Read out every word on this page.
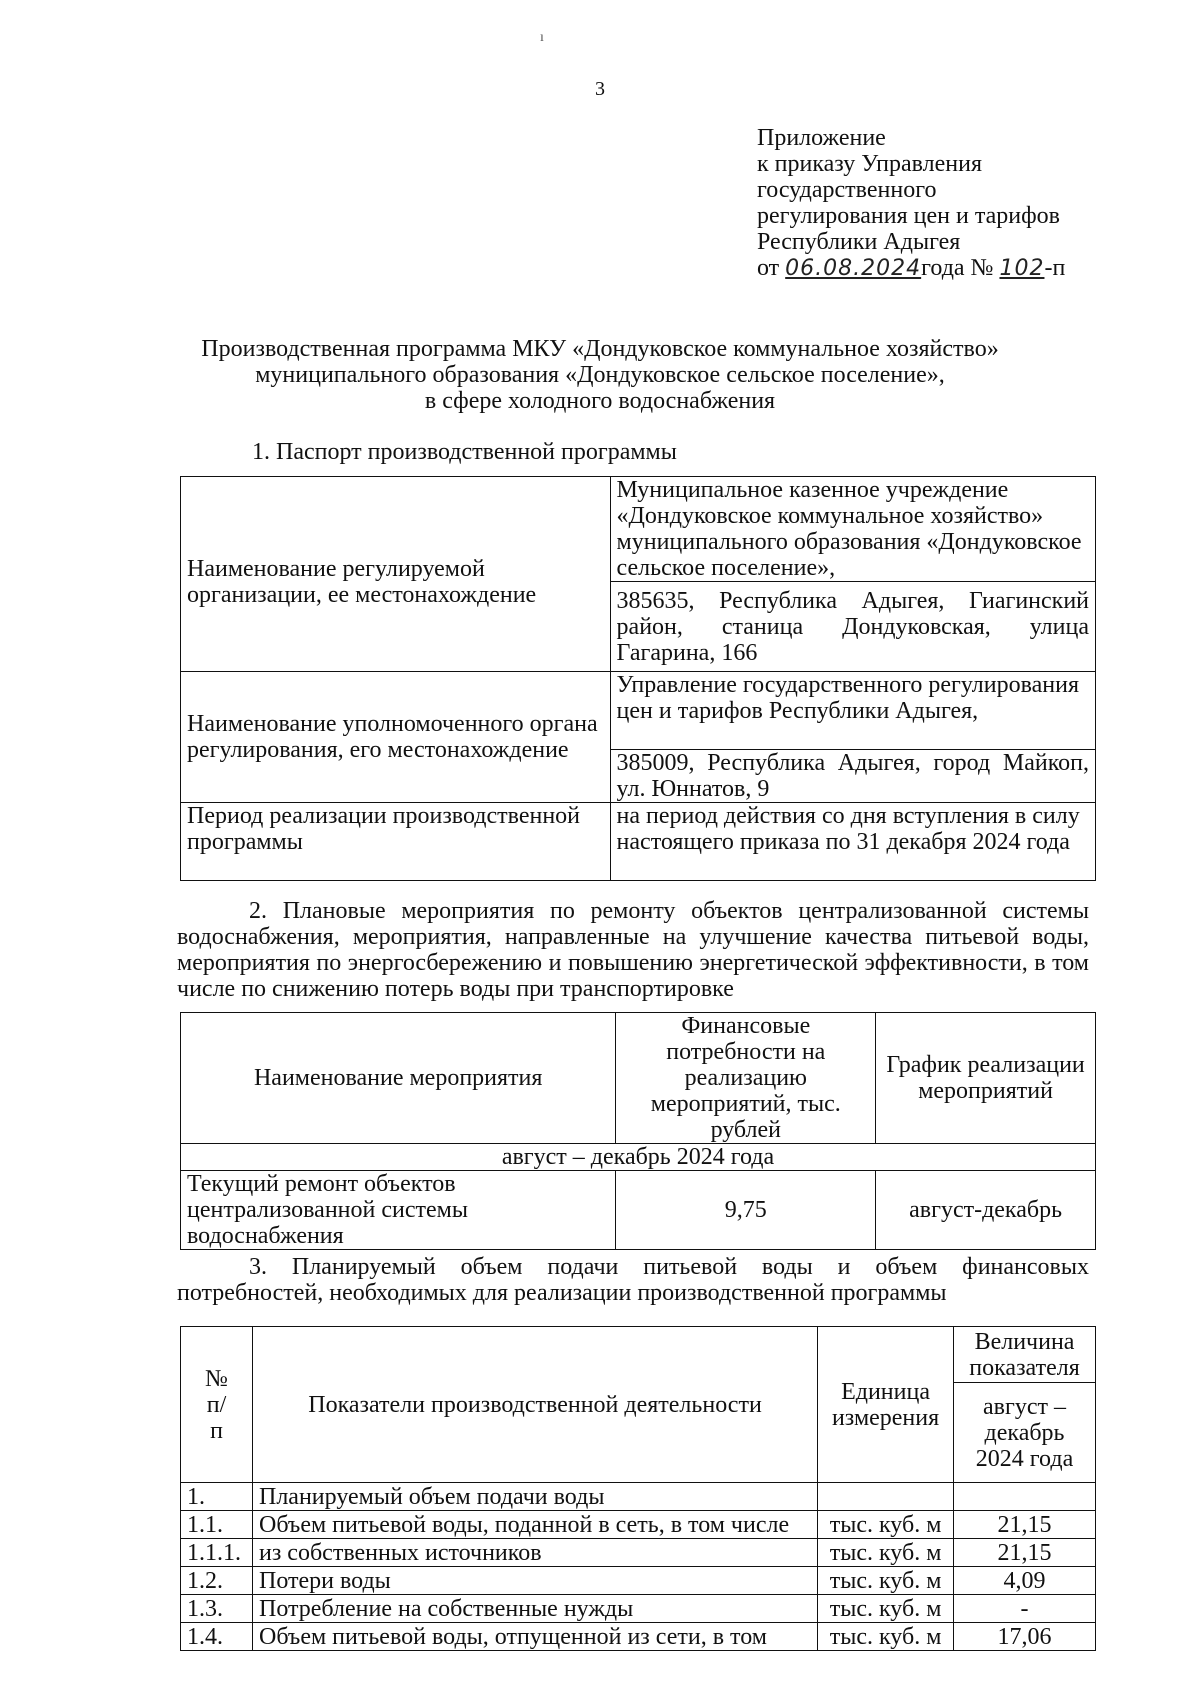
ı
3
Приложение
к приказу Управления
государственного
регулирования цен и тарифов
Республики Адыгея
от 06.08.2024года № 102-п
Производственная программа МКУ «Дондуковское коммунальное хозяйство»
муниципального образования «Дондуковское сельское поселение»,
в сфере холодного водоснабжения
1. Паспорт производственной программы
Наименование регулируемой организации, ее местонахождение	Муниципальное казенное учреждение «Дондуковское коммунальное хозяйство» муниципального образования «Дондуковское сельское поселение»,
	385635, Республика Адыгея, Гиагинский район, станица Дондуковская, улица Гагарина, 166
Наименование уполномоченного органа регулирования, его местонахождение	Управление государственного регулирования цен и тарифов Республики Адыгея,
	385009, Республика Адыгея, город Майкоп, ул. Юннатов, 9
Период реализации производственной программы	на период действия со дня вступления в силу настоящего приказа по 31 декабря 2024 года
2. Плановые мероприятия по ремонту объектов централизованной системы водоснабжения, мероприятия, направленные на улучшение качества питьевой воды, мероприятия по энергосбережению и повышению энергетической эффективности, в том числе по снижению потерь воды при транспортировке
Наименование мероприятия	Финансовые потребности на реализацию мероприятий, тыс. рублей	График реализации мероприятий
август – декабрь 2024 года		
Текущий ремонт объектов централизованной системы водоснабжения	9,75	август-декабрь
3. Планируемый объем подачи питьевой воды и объем финансовых потребностей, необходимых для реализации производственной программы
№ п/п	Показатели производственной деятельности	Единица измерения	Величина показателя
			август – декабрь 2024 года
1.	Планируемый объем подачи воды		
1.1.	Объем питьевой воды, поданной в сеть, в том числе	тыс. куб. м	21,15
1.1.1.	из собственных источников	тыс. куб. м	21,15
1.2.	Потери воды	тыс. куб. м	4,09
1.3.	Потребление на собственные нужды	тыс. куб. м	-
1.4.	Объем питьевой воды, отпущенной из сети, в том	тыс. куб. м	17,06
